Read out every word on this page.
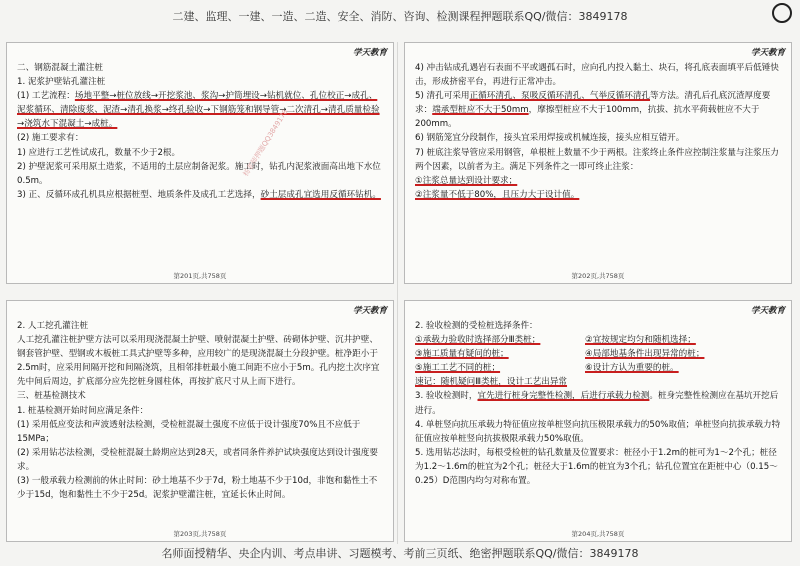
二建、监理、一建、一造、二造、安全、消防、咨询、检测课程押题联系QQ/微信：3849178
学天教育

二、钢筋混凝土灌注桩

1. 泥浆护壁钻孔灌注桩

(1) 工艺流程：场地平整→桩位放线→开挖浆池、浆沟→护筒埋设→钻机就位、孔位校正→成孔、泥浆循环、清除废浆、泥渣→清孔换浆→终孔验收→下钢筋笼和钢导管→二次清孔→清孔质量检验→浇筑水下混凝土→成桩。

(2) 施工要求有：

1) 应进行工艺性试成孔，数量不少于2根。

2) 护壁泥浆可采用原土造浆，不适用的土层应制备泥浆。施工时，钻孔内泥浆液面高出地下水位0.5m。

3) 正、反循环成孔机具应根据桩型、地质条件及成孔工艺选择，砂土层成孔宜选用反循环钻机。

杨老师押题QQ3849178
第201页,共758页
学天教育

4) 冲击钻成孔遇岩石表面不平或遇孤石时，应向孔内投入黏土、块石，将孔底表面填平后低锤快击，形成挤密平台，再进行正常冲击。

5) 清孔可采用正循环清孔、泵吸反循环清孔、气举反循环清孔等方法。清孔后孔底沉渣厚度要求：端承型桩应不大于50mm，摩擦型桩应不大于100mm，抗拔、抗水平荷载桩应不大于200mm。

6) 钢筋笼宜分段制作，接头宜采用焊接或机械连接，接头应相互错开。

7) 桩底注浆导管应采用钢管，单根桩上数量不少于两根。注浆终止条件应控制注浆量与注浆压力两个因素，以前者为主。满足下列条件之一即可终止注浆：

①注浆总量达到设计要求；

②注浆量不低于80%，且压力大于设计值。

第202页,共758页
学天教育

2. 人工挖孔灌注桩

人工挖孔灌注桩护壁方法可以采用现浇混凝土护壁、喷射混凝土护壁、砖砌体护壁、沉井护壁、钢套管护壁、型钢或木板桩工具式护壁等多种，应用较广的是现浇混凝土分段护壁。桩净距小于2.5m时，应采用间隔开挖和间隔浇筑，且相邻排桩最小施工间距不应小于5m。孔内挖土次序宜先中间后周边，扩底部分应先挖桩身圆柱体，再按扩底尺寸从上而下进行。

三、桩基检测技术

1. 桩基检测开始时间应满足条件：

(1) 采用低应变法和声波透射法检测，受检桩混凝土强度不应低于设计强度70%且不应低于15MPa；

(2) 采用钻芯法检测，受检桩混凝土龄期应达到28天，或者同条件养护试块强度达到设计强度要求。

(3) 一般承载力检测前的休止时间：砂土地基不少于7d，粉土地基不少于10d，非饱和黏性土不少于15d，饱和黏性土不少于25d。泥浆护壁灌注桩，宜延长休止时间。

第203页,共758页
学天教育

2. 验收检测的受检桩选择条件：

①承载力验收时选择部分Ⅲ类桩；	②宜按规定均匀和随机选择；
③施工质量有疑问的桩；	④局部地基条件出现异常的桩；
⑤施工工艺不同的桩；	⑥设计方认为重要的桩。

速记：随机疑问Ⅲ类桩，设计工艺出异常

3. 验收检测时，宜先进行桩身完整性检测，后进行承载力检测。桩身完整性检测应在基坑开挖后进行。

4. 单桩竖向抗压承载力特征值应按单桩竖向抗压极限承载力的50%取值；单桩竖向抗拔承载力特征值应按单桩竖向抗拔极限承载力50%取值。

5. 选用钻芯法时，每根受检桩的钻孔数量及位置要求：桩径小于1.2m的桩可为1～2个孔；桩径为1.2～1.6m的桩宜为2个孔；桩径大于1.6m的桩宜为3个孔；钻孔位置宜在距桩中心（0.15～0.25）D范围内均匀对称布置。

第204页,共758页
名师面授精华、央企内训、考点串讲、习题模考、考前三页纸、绝密押题联系QQ/微信：3849178
